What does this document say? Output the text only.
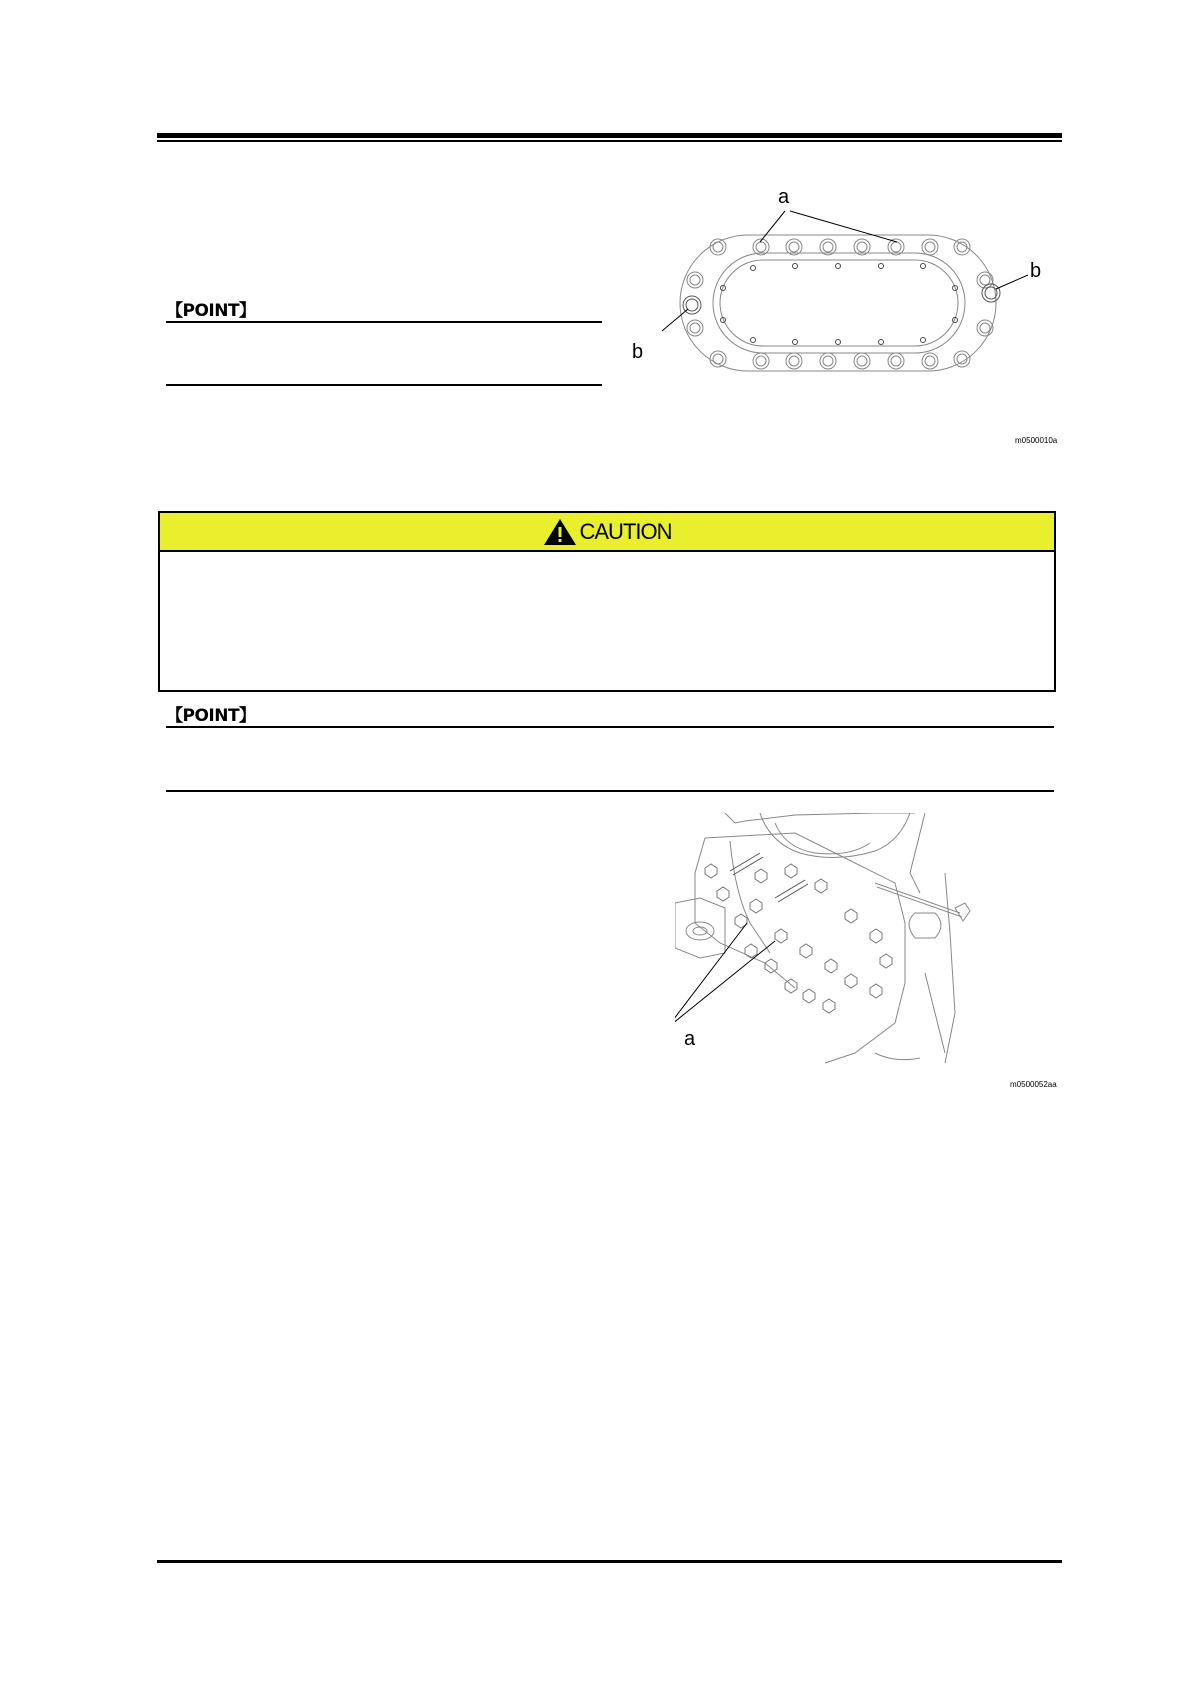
【POINT】
a
b
b
m0500010a
CAUTION
【POINT】
a
m0500052aa
